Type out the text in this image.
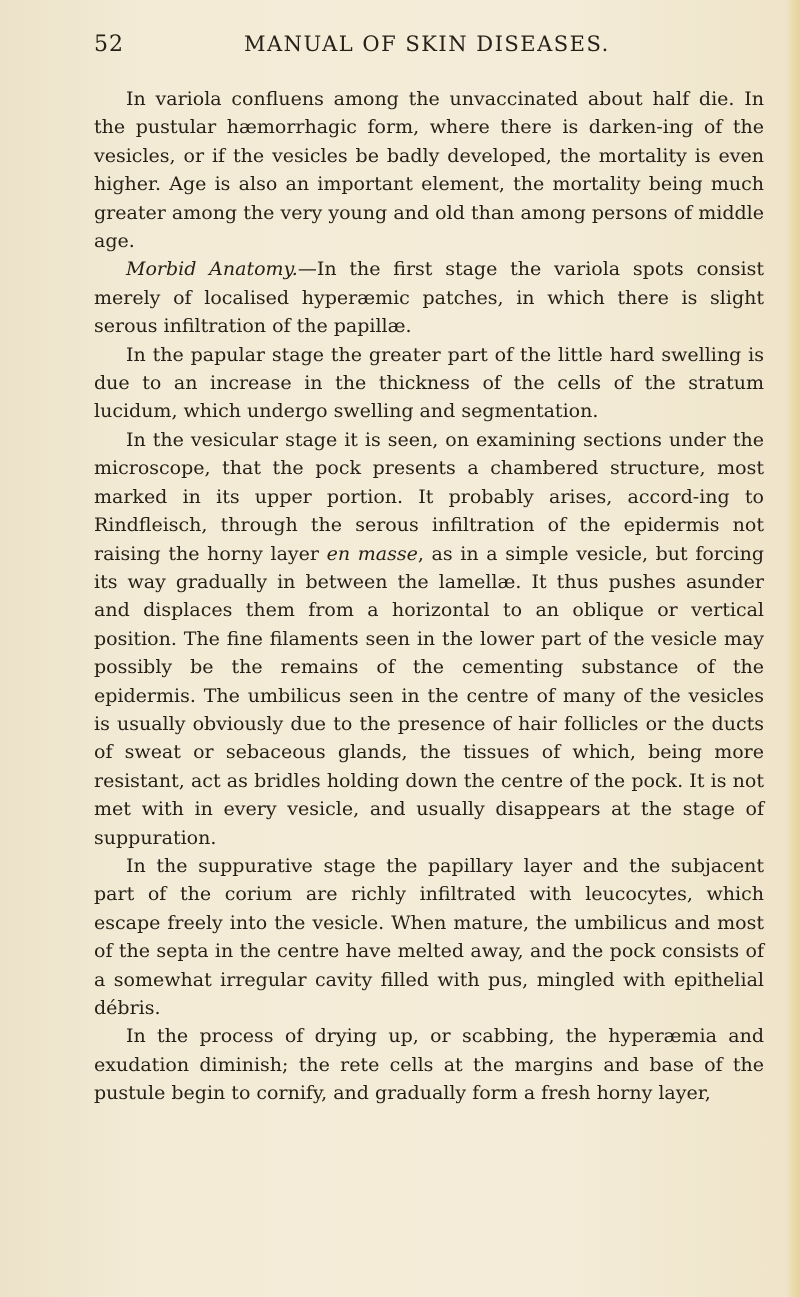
52	MANUAL OF SKIN DISEASES.

In variola confluens among the unvaccinated about half die. In the pustular hæmorrhagic form, where there is darken-ing of the vesicles, or if the vesicles be badly developed, the mortality is even higher. Age is also an important element, the mortality being much greater among the very young and old than among persons of middle age.

Morbid Anatomy.—In the first stage the variola spots consist merely of localised hyperæmic patches, in which there is slight serous infiltration of the papillæ.

In the papular stage the greater part of the little hard swelling is due to an increase in the thickness of the cells of the stratum lucidum, which undergo swelling and segmentation.

In the vesicular stage it is seen, on examining sections under the microscope, that the pock presents a chambered structure, most marked in its upper portion. It probably arises, accord-ing to Rindfleisch, through the serous infiltration of the epidermis not raising the horny layer en masse, as in a simple vesicle, but forcing its way gradually in between the lamellæ. It thus pushes asunder and displaces them from a horizontal to an oblique or vertical position. The fine filaments seen in the lower part of the vesicle may possibly be the remains of the cementing substance of the epidermis. The umbilicus seen in the centre of many of the vesicles is usually obviously due to the presence of hair follicles or the ducts of sweat or sebaceous glands, the tissues of which, being more resistant, act as bridles holding down the centre of the pock. It is not met with in every vesicle, and usually disappears at the stage of suppuration.

In the suppurative stage the papillary layer and the subjacent part of the corium are richly infiltrated with leucocytes, which escape freely into the vesicle. When mature, the umbilicus and most of the septa in the centre have melted away, and the pock consists of a somewhat irregular cavity filled with pus, mingled with epithelial débris.

In the process of drying up, or scabbing, the hyperæmia and exudation diminish; the rete cells at the margins and base of the pustule begin to cornify, and gradually form a fresh horny layer,
